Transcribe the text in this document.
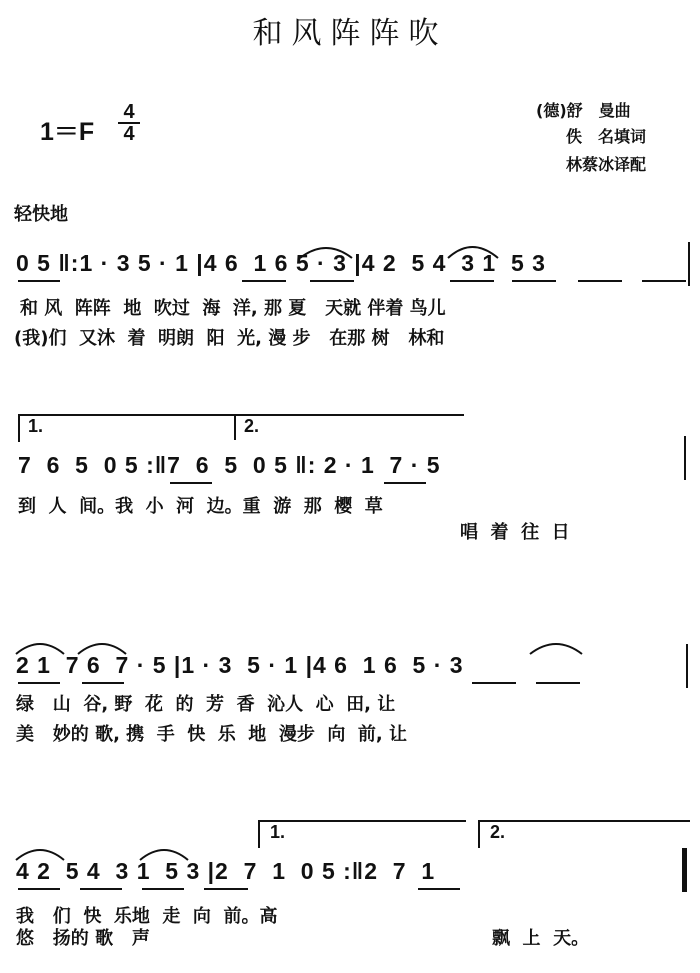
和风阵阵吹
1＝F
4
4
(德)舒　曼曲
佚　名填词
林蔡冰译配
轻快地
0 5 ‖:1 · 3 5 · 1 |4 6  1 6 5 · 3 |4 2  5 4  3 1  5 3
和 风  阵阵  地  吹过  海  洋, 那 夏   天就 伴着 鸟儿
(我)们  又沐  着  明朗  阳  光, 漫 步   在那 树   林和
1.	2.
7  6  5  0 5 :‖7  6  5  0 5 ‖: 2 · 1  7 · 5
到  人  间。我  小  河  边。重  游  那  樱  草
唱  着  往  日
2 1  7 6  7 · 5 |1 · 3  5 · 1 |4 6  1 6  5 · 3
绿   山  谷, 野  花  的  芳  香  沁人  心  田, 让
美   妙的 歌, 携  手  快  乐  地  漫步  向  前, 让
1.	2.
4 2  5 4  3 1  5 3 |2  7  1  0 5 :‖2  7  1
我   们  快  乐地  走  向  前。高
悠   扬的 歌   声	飘  上  天。
